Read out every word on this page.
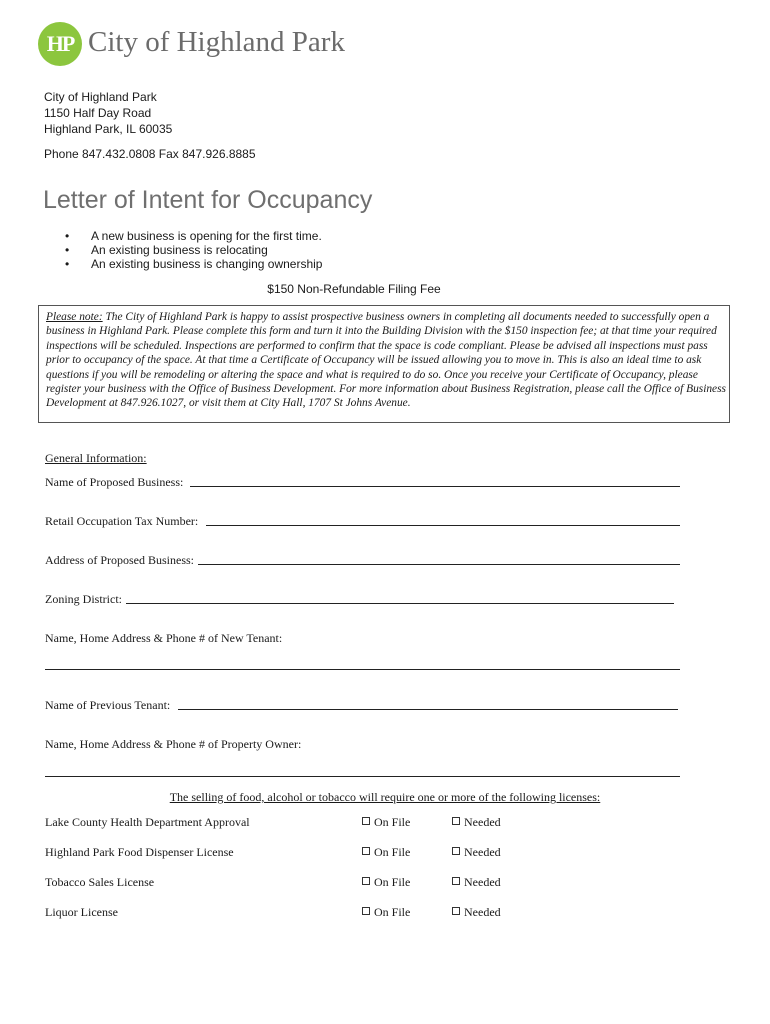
HP City of Highland Park
City of Highland Park
1150 Half Day Road
Highland Park, IL 60035
Phone 847.432.0808 Fax 847.926.8885
Letter of Intent for Occupancy
• A new business is opening for the first time.
• An existing business is relocating
• An existing business is changing ownership
$150 Non-Refundable Filing Fee
Please note: The City of Highland Park is happy to assist prospective business owners in completing all documents needed to successfully open a business in Highland Park. Please complete this form and turn it into the Building Division with the $150 inspection fee; at that time your required inspections will be scheduled. Inspections are performed to confirm that the space is code compliant. Please be advised all inspections must pass prior to occupancy of the space. At that time a Certificate of Occupancy will be issued allowing you to move in. This is also an ideal time to ask questions if you will be remodeling or altering the space and what is required to do so. Once you receive your Certificate of Occupancy, please register your business with the Office of Business Development. For more information about Business Registration, please call the Office of Business Development at 847.926.1027, or visit them at City Hall, 1707 St Johns Avenue.
General Information:
Name of Proposed Business:
Retail Occupation Tax Number:
Address of Proposed Business:
Zoning District:
Name, Home Address & Phone # of New Tenant:
Name of Previous Tenant:
Name, Home Address & Phone # of Property Owner:
The selling of food, alcohol or tobacco will require one or more of the following licenses:
Lake County Health Department Approval	On File	Needed
Highland Park Food Dispenser License	On File	Needed
Tobacco Sales License	On File	Needed
Liquor License	On File	Needed
